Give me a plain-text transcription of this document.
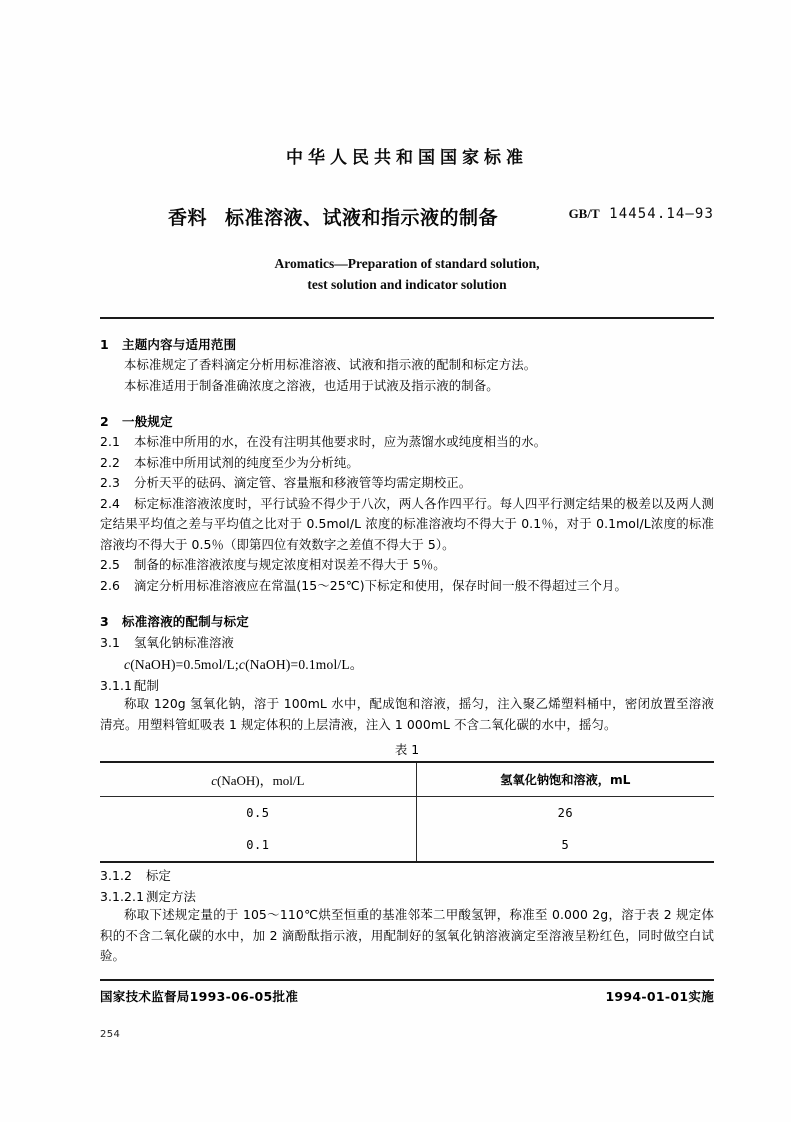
中华人民共和国国家标准
香料 标准溶液、试液和指示液的制备	GB/T 14454.14—93
Aromatics—Preparation of standard solution,
test solution and indicator solution
1 主题内容与适用范围

本标准规定了香料滴定分析用标准溶液、试液和指示液的配制和标定方法。

本标准适用于制备准确浓度之溶液，也适用于试液及指示液的制备。

2 一般规定

2.1 本标准中所用的水，在没有注明其他要求时，应为蒸馏水或纯度相当的水。

2.2 本标准中所用试剂的纯度至少为分析纯。

2.3 分析天平的砝码、滴定管、容量瓶和移液管等均需定期校正。

2.4 标定标准溶液浓度时，平行试验不得少于八次，两人各作四平行。每人四平行测定结果的极差以及两人测定结果平均值之差与平均值之比对于 0.5mol/L 浓度的标准溶液均不得大于 0.1％，对于 0.1mol/L浓度的标准溶液均不得大于 0.5％（即第四位有效数字之差值不得大于 5）。

2.5 制备的标准溶液浓度与规定浓度相对误差不得大于 5％。

2.6 滴定分析用标准溶液应在常温(15～25℃)下标定和使用，保存时间一般不得超过三个月。

3 标准溶液的配制与标定
3.1 氢氧化钠标准溶液
c(NaOH)=0.5mol/L;c(NaOH)=0.1mol/L。
3.1.1 配制

称取 120g 氢氧化钠，溶于 100mL 水中，配成饱和溶液，摇匀，注入聚乙烯塑料桶中，密闭放置至溶液清亮。用塑料管虹吸表 1 规定体积的上层清液，注入 1 000mL 不含二氧化碳的水中，摇匀。

表 1
c(NaOH)，mol/L	氢氧化钠饱和溶液，mL
0.5	26
0.1	5
3.1.2 标定
3.1.2.1 测定方法

称取下述规定量的于 105～110℃烘至恒重的基准邻苯二甲酸氢钾，称准至 0.000 2g，溶于表 2 规定体积的不含二氧化碳的水中，加 2 滴酚酞指示液，用配制好的氢氧化钠溶液滴定至溶液呈粉红色，同时做空白试验。

国家技术监督局1993-06-05批准	1994-01-01实施
254
